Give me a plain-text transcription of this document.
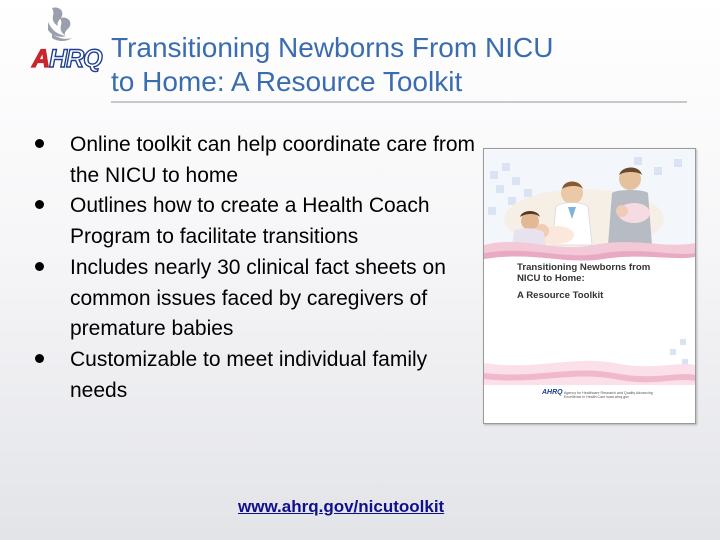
AHRQ Transitioning Newborns From NICU
to Home: A Resource Toolkit
Online toolkit can help coordinate care from the NICU to home
Outlines how to create a Health Coach Program to facilitate transitions
Includes nearly 30 clinical fact sheets on common issues faced by caregivers of premature babies
Customizable to meet individual family needs
Transitioning Newborns from NICU to Home:
A Resource Toolkit
AHRQ Agency for Healthcare Research and Quality Advancing Excellence in Health Care www.ahrq.gov
www.ahrq.gov/nicutoolkit
